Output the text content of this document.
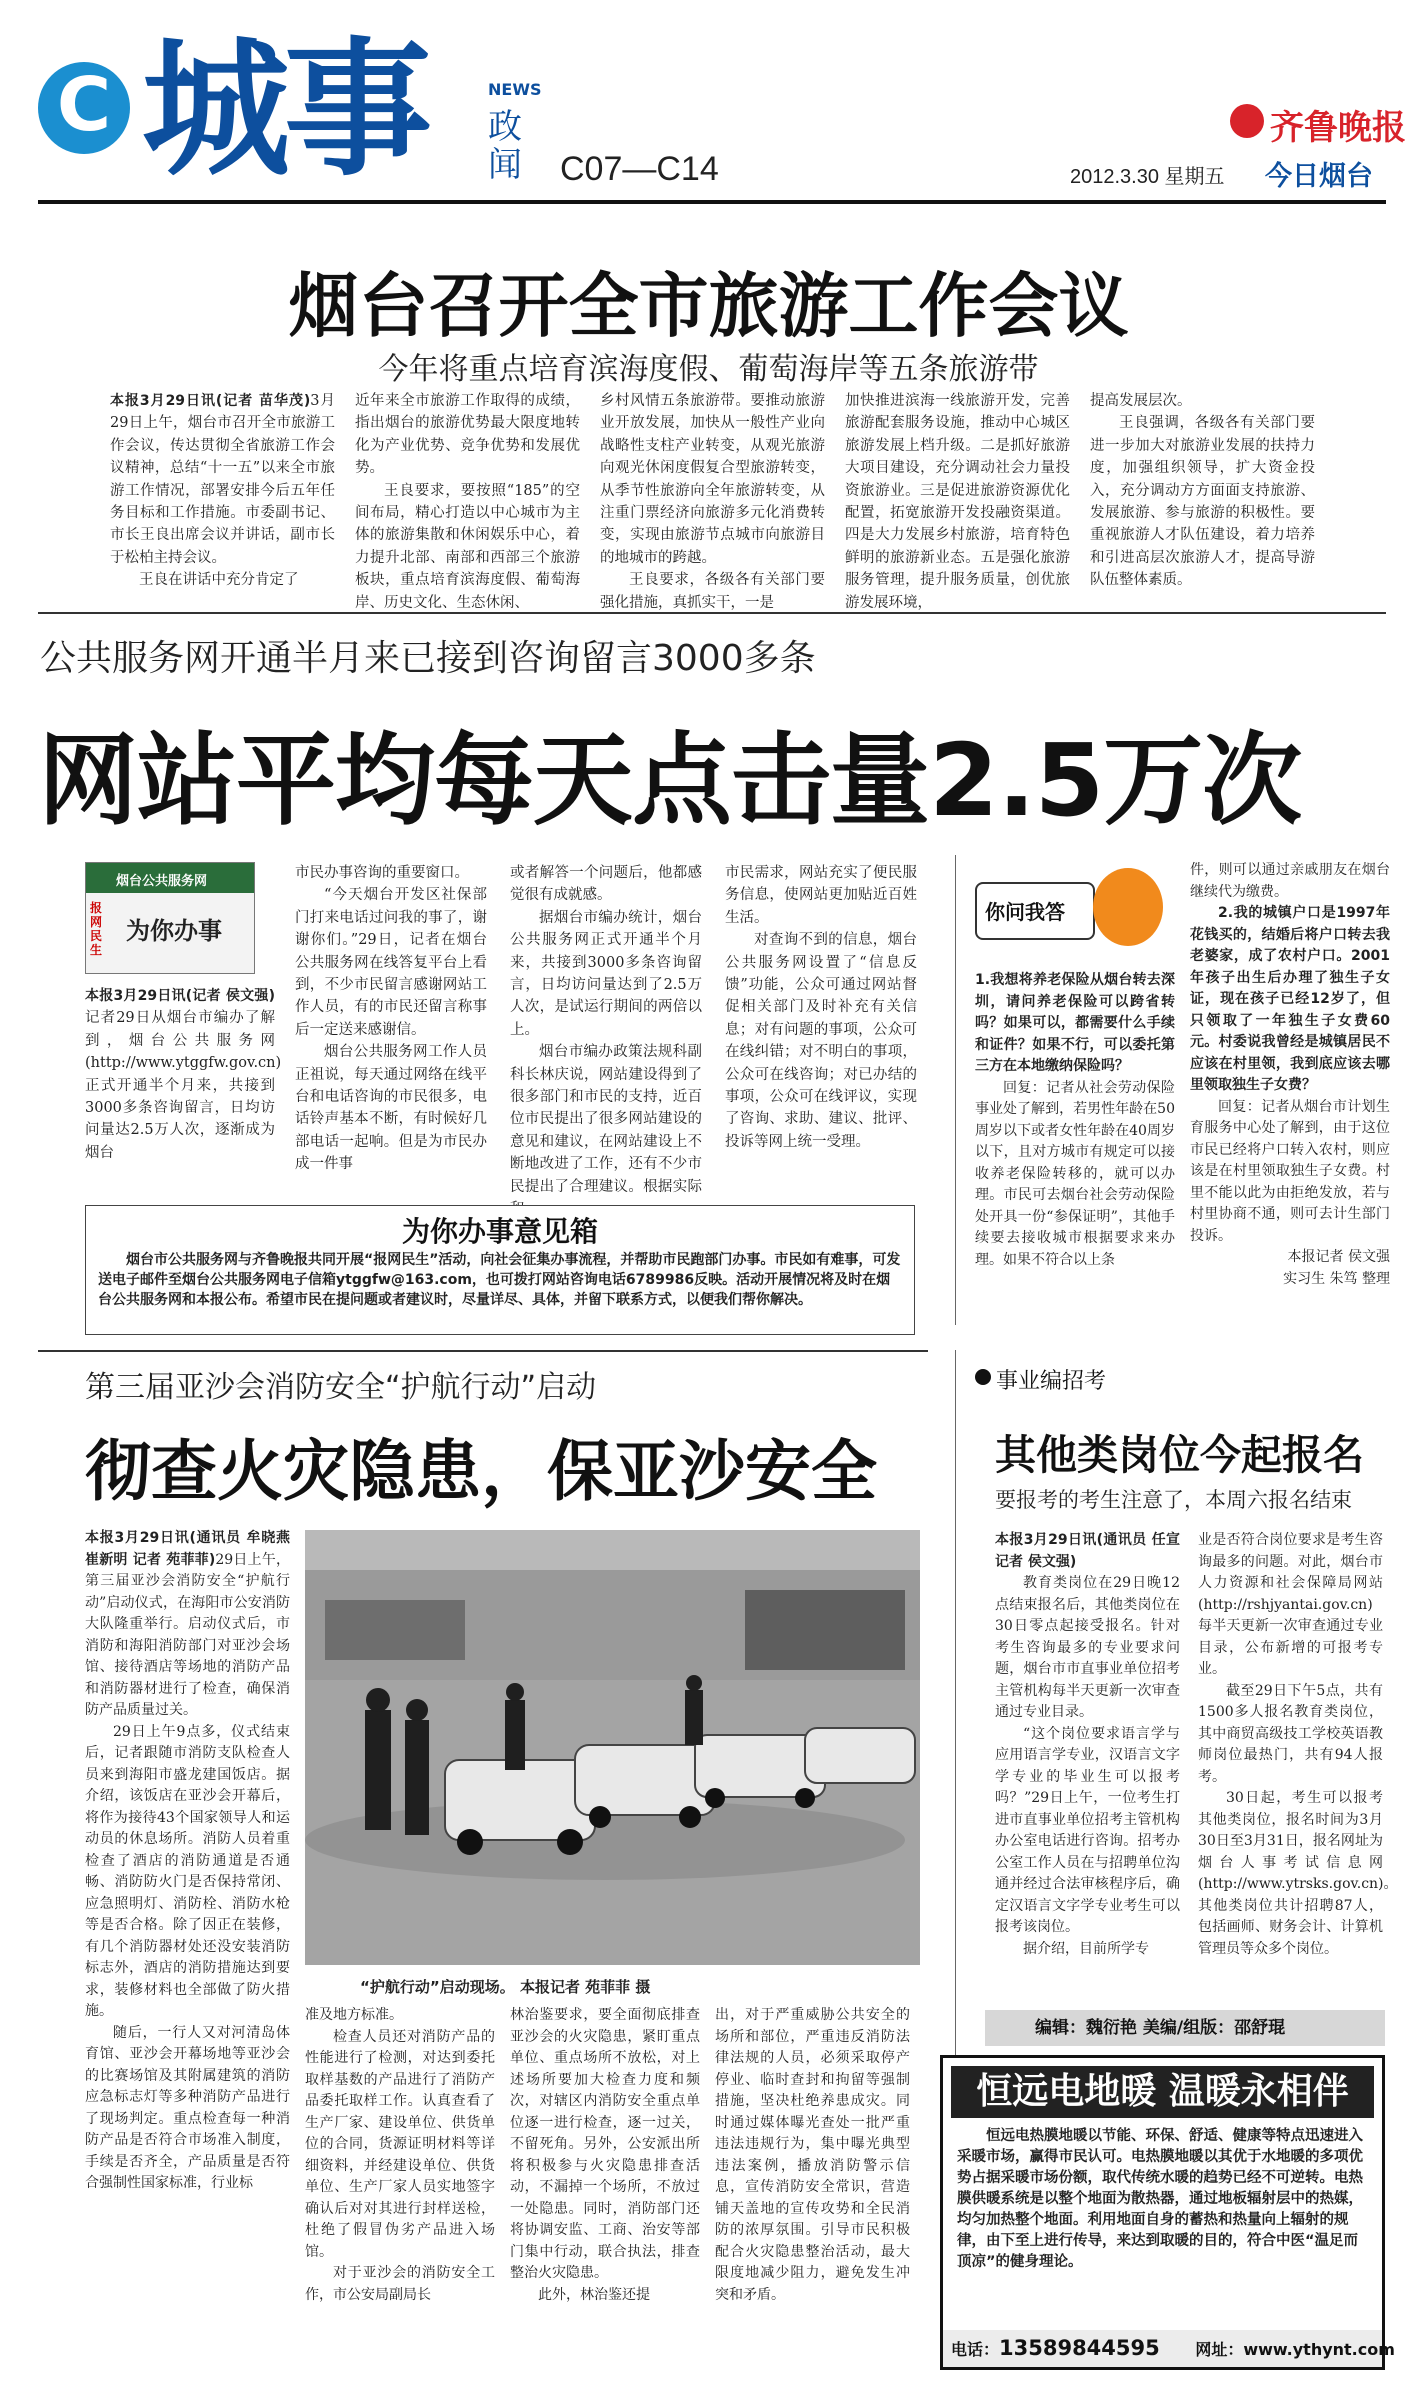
C 城事	NEWS
政闻 C07—C14
齐鲁晚报
2012.3.30 星期五 今日烟台
烟台召开全市旅游工作会议
今年将重点培育滨海度假、葡萄海岸等五条旅游带
本报3月29日讯(记者 苗华茂)3月29日上午，烟台市召开全市旅游工作会议，传达贯彻全省旅游工作会议精神，总结“十一五”以来全市旅游工作情况，部署安排今后五年任务目标和工作措施。市委副书记、市长王良出席会议并讲话，副市长于松柏主持会议。

王良在讲话中充分肯定了

近年来全市旅游工作取得的成绩，指出烟台的旅游优势最大限度地转化为产业优势、竞争优势和发展优势。

王良要求，要按照“185”的空间布局，精心打造以中心城市为主体的旅游集散和休闲娱乐中心，着力提升北部、南部和西部三个旅游板块，重点培育滨海度假、葡萄海岸、历史文化、生态休闲、

乡村风情五条旅游带。要推动旅游业开放发展，加快从一般性产业向战略性支柱产业转变，从观光旅游向观光休闲度假复合型旅游转变，从季节性旅游向全年旅游转变，从注重门票经济向旅游多元化消费转变，实现由旅游节点城市向旅游目的地城市的跨越。

王良要求，各级各有关部门要强化措施，真抓实干，一是

加快推进滨海一线旅游开发，完善旅游配套服务设施，推动中心城区旅游发展上档升级。二是抓好旅游大项目建设，充分调动社会力量投资旅游业。三是促进旅游资源优化配置，拓宽旅游开发投融资渠道。四是大力发展乡村旅游，培育特色鲜明的旅游新业态。五是强化旅游服务管理，提升服务质量，创优旅游发展环境，
提高发展层次。

王良强调，各级各有关部门要进一步加大对旅游业发展的扶持力度，加强组织领导，扩大资金投入，充分调动方方面面支持旅游、发展旅游、参与旅游的积极性。要重视旅游人才队伍建设，着力培养和引进高层次旅游人才，提高导游队伍整体素质。

公共服务网开通半月来已接到咨询留言3000多条
网站平均每天点击量2.5万次
烟台公共服务网
报网民生
为你办事
本报3月29日讯(记者 侯文强)记者29日从烟台市编办了解到，烟台公共服务网(http://www.ytggfw.gov.cn)正式开通半个月来，共接到3000多条咨询留言，日均访问量达2.5万人次，逐渐成为烟台
市民办事咨询的重要窗口。

“今天烟台开发区社保部门打来电话过问我的事了，谢谢你们。”29日，记者在烟台公共服务网在线答复平台上看到，不少市民留言感谢网站工作人员，有的市民还留言称事后一定送来感谢信。

烟台公共服务网工作人员正祖说，每天通过网络在线平台和电话咨询的市民很多，电话铃声基本不断，有时候好几部电话一起响。但是为市民办成一件事

或者解答一个问题后，他都感觉很有成就感。

据烟台市编办统计，烟台公共服务网正式开通半个月来，共接到3000多条咨询留言，日均访问量达到了2.5万人次，是试运行期间的两倍以上。

烟台市编办政策法规科副科长林庆说，网站建设得到了很多部门和市民的支持，近百位市民提出了很多网站建设的意见和建议，在网站建设上不断地改进了工作，还有不少市民提出了合理建议。根据实际

市民需求，网站充实了便民服务信息，使网站更加贴近百姓生活。

对查询不到的信息，烟台公共服务网设置了“信息反馈”功能，公众可通过网站督促相关部门及时补充有关信息；对有问题的事项，公众可在线纠错；对不明白的事项，公众可在线咨询；对已办结的事项，公众可在线评议，实现了咨询、求助、建议、批评、投诉等网上统一受理。

为你办事意见箱
烟台市公共服务网与齐鲁晚报共同开展“报网民生”活动，向社会征集办事流程，并帮助市民跑部门办事。市民如有难事，可发送电子邮件至烟台公共服务网电子信箱ytggfw@163.com，也可拨打网站咨询电话6789986反映。活动开展情况将及时在烟台公共服务网和本报公布。希望市民在提问题或者建议时，尽量详尽、具体，并留下联系方式，以便我们帮你解决。
你问我答
1.我想将养老保险从烟台转去深圳，请问养老保险可以跨省转吗？如果可以，都需要什么手续和证件？如果不行，可以委托第三方在本地缴纳保险吗？

回复：记者从社会劳动保险事业处了解到，若男性年龄在50周岁以下或者女性年龄在40周岁以下，且对方城市有规定可以接收养老保险转移的，就可以办理。市民可去烟台社会劳动保险处开具一份“参保证明”，其他手续要去接收城市根据要求来办理。如果不符合以上条

件，则可以通过亲戚朋友在烟台继续代为缴费。
2.我的城镇户口是1997年花钱买的，结婚后将户口转去我老婆家，成了农村户口。2001年孩子出生后办理了独生子女证，现在孩子已经12岁了，但只领取了一年独生子女费60元。村委说我曾经是城镇居民不应该在村里领，我到底应该去哪里领取独生子女费？

回复：记者从烟台市计划生育服务中心处了解到，由于这位市民已经将户口转入农村，则应该是在村里领取独生子女费。村里不能以此为由拒绝发放，若与村里协商不通，则可去计生部门投诉。

本报记者 侯文强
实习生 朱笃 整理
第三届亚沙会消防安全“护航行动”启动
彻查火灾隐患，保亚沙安全
本报3月29日讯(通讯员 牟晓燕 崔新明 记者 苑菲菲)29日上午，第三届亚沙会消防安全“护航行动”启动仪式，在海阳市公安消防大队隆重举行。启动仪式后，市消防和海阳消防部门对亚沙会场馆、接待酒店等场地的消防产品和消防器材进行了检查，确保消防产品质量过关。

29日上午9点多，仪式结束后，记者跟随市消防支队检查人员来到海阳市盛龙建国饭店。据介绍，该饭店在亚沙会开幕后，将作为接待43个国家领导人和运动员的休息场所。消防人员着重检查了酒店的消防通道是否通畅、消防防火门是否保持常闭、应急照明灯、消防栓、消防水枪等是否合格。除了因正在装修，有几个消防器材处还没安装消防标志外，酒店的消防措施达到要求，装修材料也全部做了防火措施。

随后，一行人又对河清岛体育馆、亚沙会开幕场地等亚沙会的比赛场馆及其附属建筑的消防应急标志灯等多种消防产品进行了现场判定。重点检查每一种消防产品是否符合市场准入制度，手续是否齐全，产品质量是否符合强制性国家标准，行业标

“护航行动”启动现场。 本报记者 苑菲菲 摄
准及地方标准。

检查人员还对消防产品的性能进行了检测，对达到委托取样基数的产品进行了消防产品委托取样工作。认真查看了生产厂家、建设单位、供货单位的合同，货源证明材料等详细资料，并经建设单位、供货单位、生产厂家人员实地签字确认后对对其进行封样送检，杜绝了假冒伪劣产品进入场馆。

对于亚沙会的消防安全工作，市公安局副局长

林治鉴要求，要全面彻底排查亚沙会的火灾隐患，紧盯重点单位、重点场所不放松，对上述场所要加大检查力度和频次，对辖区内消防安全重点单位逐一进行检查，逐一过关，不留死角。另外，公安派出所将积极参与火灾隐患排查活动，不漏掉一个场所，不放过一处隐患。同时，消防部门还将协调安监、工商、治安等部门集中行动，联合执法，排查整治火灾隐患。

此外，林治鉴还提

出，对于严重威胁公共安全的场所和部位，严重违反消防法律法规的人员，必须采取停产停业、临时查封和拘留等强制措施，坚决杜绝养患成灾。同时通过媒体曝光查处一批严重违法违规行为，集中曝光典型违法案例，播放消防警示信息，宣传消防安全常识，营造铺天盖地的宣传攻势和全民消防的浓厚氛围。引导市民积极配合火灾隐患整治活动，最大限度地减少阻力，避免发生冲突和矛盾。
事业编招考
其他类岗位今起报名
要报考的考生注意了，本周六报名结束
本报3月29日讯(通讯员 任宣 记者 侯文强)

教育类岗位在29日晚12点结束报名后，其他类岗位在30日零点起接受报名。针对考生咨询最多的专业要求问题，烟台市市直事业单位招考主管机构每半天更新一次审查通过专业目录。

“这个岗位要求语言学与应用语言学专业，汉语言文字学专业的毕业生可以报考吗？”29日上午，一位考生打进市直事业单位招考主管机构办公室电话进行咨询。招考办公室工作人员在与招聘单位沟通并经过合法审核程序后，确定汉语言文字学专业考生可以报考该岗位。

据介绍，目前所学专

业是否符合岗位要求是考生咨询最多的问题。对此，烟台市人力资源和社会保障局网站(http://rshjyantai.gov.cn)每半天更新一次审查通过专业目录，公布新增的可报考专业。

截至29日下午5点，共有1500多人报名教育类岗位，其中商贸高级技工学校英语教师岗位最热门，共有94人报考。

30日起，考生可以报考其他类岗位，报名时间为3月30日至3月31日，报名网址为烟台人事考试信息网(http://www.ytrsks.gov.cn)。其他类岗位共计招聘87人，包括画师、财务会计、计算机管理员等众多个岗位。

编辑：魏衍艳 美编/组版：邵舒琨
恒远电地暖 温暖永相伴
恒远电热膜地暖以节能、环保、舒适、健康等特点迅速进入采暖市场，赢得市民认可。电热膜地暖以其优于水地暖的多项优势占据采暖市场份额，取代传统水暖的趋势已经不可逆转。电热膜供暖系统是以整个地面为散热器，通过地板辐射层中的热媒，均匀加热整个地面。利用地面自身的蓄热和热量向上辐射的规律，由下至上进行传导，来达到取暖的目的，符合中医“温足而顶凉”的健身理论。
电话：13589844595 网址：www.ythynt.com
